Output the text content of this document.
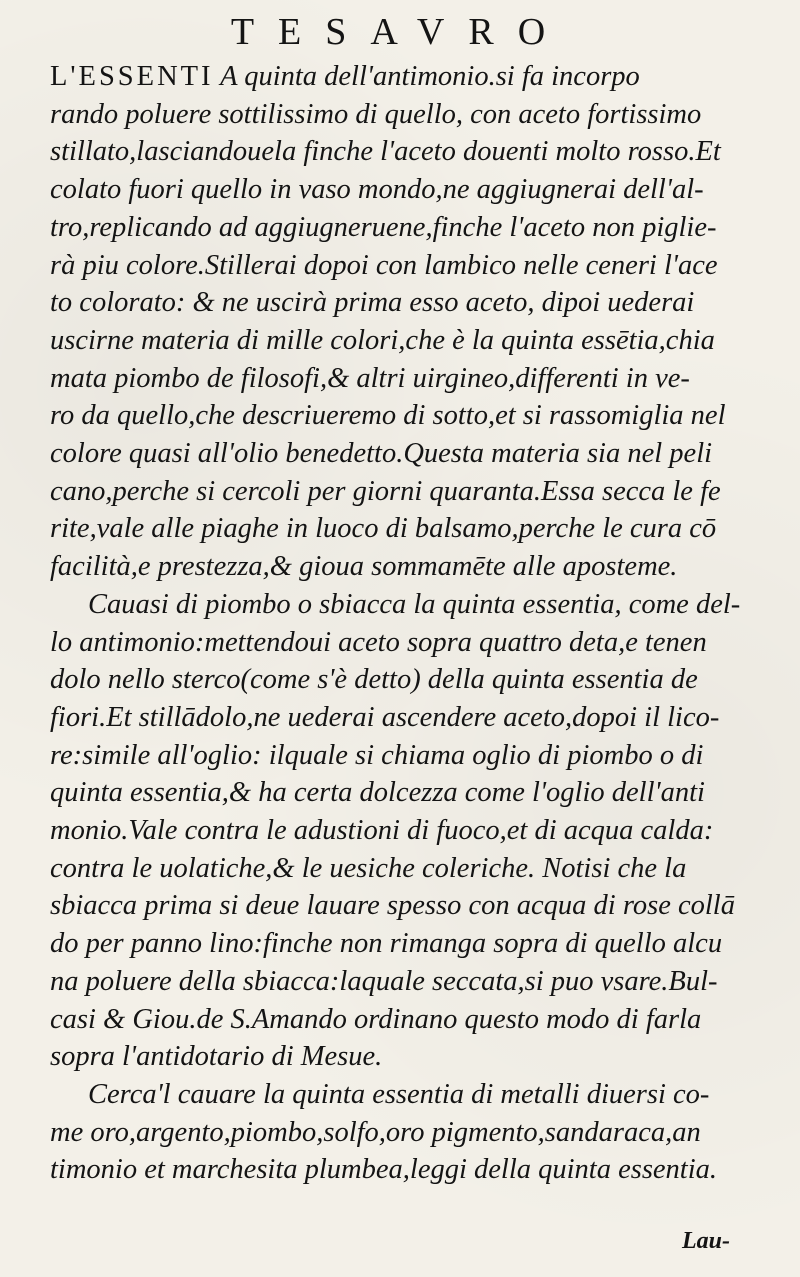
TESAVRO
L'ESSENTI A quinta dell'antimonio.si fa incorpo
rando poluere sottilissimo di quello, con aceto fortissimo
stillato,lasciandouela finche l'aceto douenti molto rosso.Et
colato fuori quello in vaso mondo,ne aggiugnerai dell'al-
tro,replicando ad aggiugneruene,finche l'aceto non piglie-
rà piu colore.Stillerai dopoi con lambico nelle ceneri l'ace
to colorato: & ne uscirà prima esso aceto, dipoi uederai
uscirne materia di mille colori,che è la quinta essētia,chia
mata piombo de filosofi,& altri uirgineo,differenti in ve-
ro da quello,che descriueremo di sotto,et si rassomiglia nel
colore quasi all'olio benedetto.Questa materia sia nel peli
cano,perche si cercoli per giorni quaranta.Essa secca le fe
rite,vale alle piaghe in luoco di balsamo,perche le cura cō
facilità,e prestezza,& gioua sommamēte alle aposteme.
Cauasi di piombo o sbiacca la quinta essentia, come del-
lo antimonio:mettendoui aceto sopra quattro deta,e tenen
dolo nello sterco(come s'è detto) della quinta essentia de
fiori.Et stillādolo,ne uederai ascendere aceto,dopoi il lico-
re:simile all'oglio: ilquale si chiama oglio di piombo o di
quinta essentia,& ha certa dolcezza come l'oglio dell'anti
monio.Vale contra le adustioni di fuoco,et di acqua calda:
contra le uolatiche,& le uesiche coleriche. Notisi che la
sbiacca prima si deue lauare spesso con acqua di rose collā
do per panno lino:finche non rimanga sopra di quello alcu
na poluere della sbiacca:laquale seccata,si puo vsare.Bul-
casi & Giou.de S.Amando ordinano questo modo di farla
sopra l'antidotario di Mesue.
Cerca'l cauare la quinta essentia di metalli diuersi co-
me oro,argento,piombo,solfo,oro pigmento,sandaraca,an
timonio et marchesita plumbea,leggi della quinta essentia.
Lau-
